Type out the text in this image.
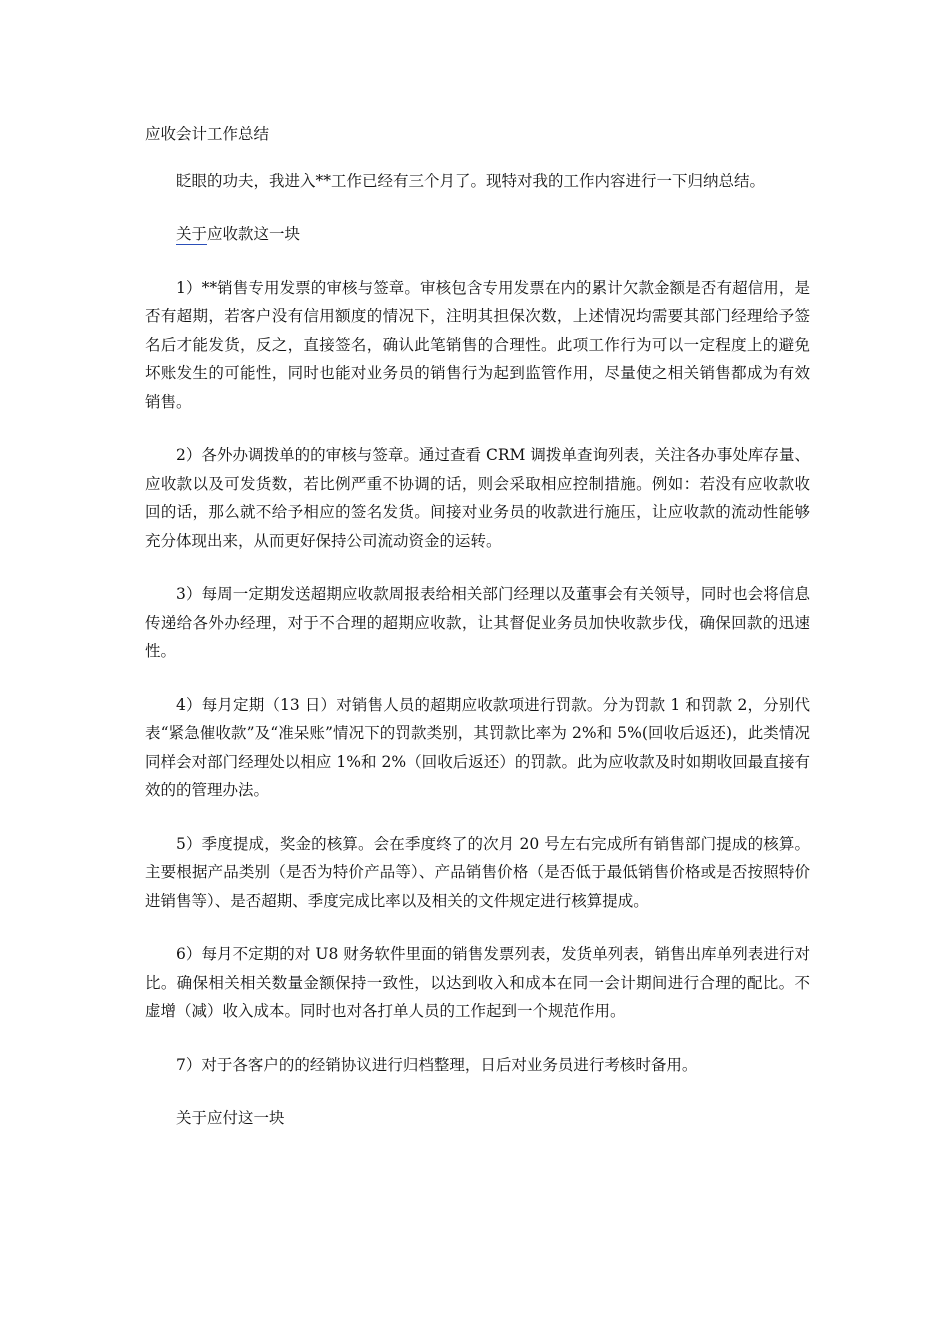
应收会计工作总结

眨眼的功夫，我进入**工作已经有三个月了。现特对我的工作内容进行一下归纳总结。

关于应收款这一块

1）**销售专用发票的审核与签章。审核包含专用发票在内的累计欠款金额是否有超信用，是否有超期，若客户没有信用额度的情况下，注明其担保次数，上述情况均需要其部门经理给予签名后才能发货，反之，直接签名，确认此笔销售的合理性。此项工作行为可以一定程度上的避免坏账发生的可能性，同时也能对业务员的销售行为起到监管作用，尽量使之相关销售都成为有效销售。

2）各外办调拨单的的审核与签章。通过查看 CRM 调拨单查询列表，关注各办事处库存量、应收款以及可发货数，若比例严重不协调的话，则会采取相应控制措施。例如：若没有应收款收回的话，那么就不给予相应的签名发货。间接对业务员的收款进行施压，让应收款的流动性能够充分体现出来，从而更好保持公司流动资金的运转。

3）每周一定期发送超期应收款周报表给相关部门经理以及董事会有关领导，同时也会将信息传递给各外办经理，对于不合理的超期应收款，让其督促业务员加快收款步伐，确保回款的迅速性。

4）每月定期（13 日）对销售人员的超期应收款项进行罚款。分为罚款 1 和罚款 2，分别代表“紧急催收款”及“准呆账”情况下的罚款类别，其罚款比率为 2%和 5%(回收后返还)，此类情况同样会对部门经理处以相应 1%和 2%（回收后返还）的罚款。此为应收款及时如期收回最直接有效的的管理办法。

5）季度提成，奖金的核算。会在季度终了的次月 20 号左右完成所有销售部门提成的核算。主要根据产品类别（是否为特价产品等）、产品销售价格（是否低于最低销售价格或是否按照特价进销售等）、是否超期、季度完成比率以及相关的文件规定进行核算提成。

6）每月不定期的对 U8 财务软件里面的销售发票列表，发货单列表，销售出库单列表进行对比。确保相关相关数量金额保持一致性，以达到收入和成本在同一会计期间进行合理的配比。不虚增（减）收入成本。同时也对各打单人员的工作起到一个规范作用。

7）对于各客户的的经销协议进行归档整理，日后对业务员进行考核时备用。

关于应付这一块
